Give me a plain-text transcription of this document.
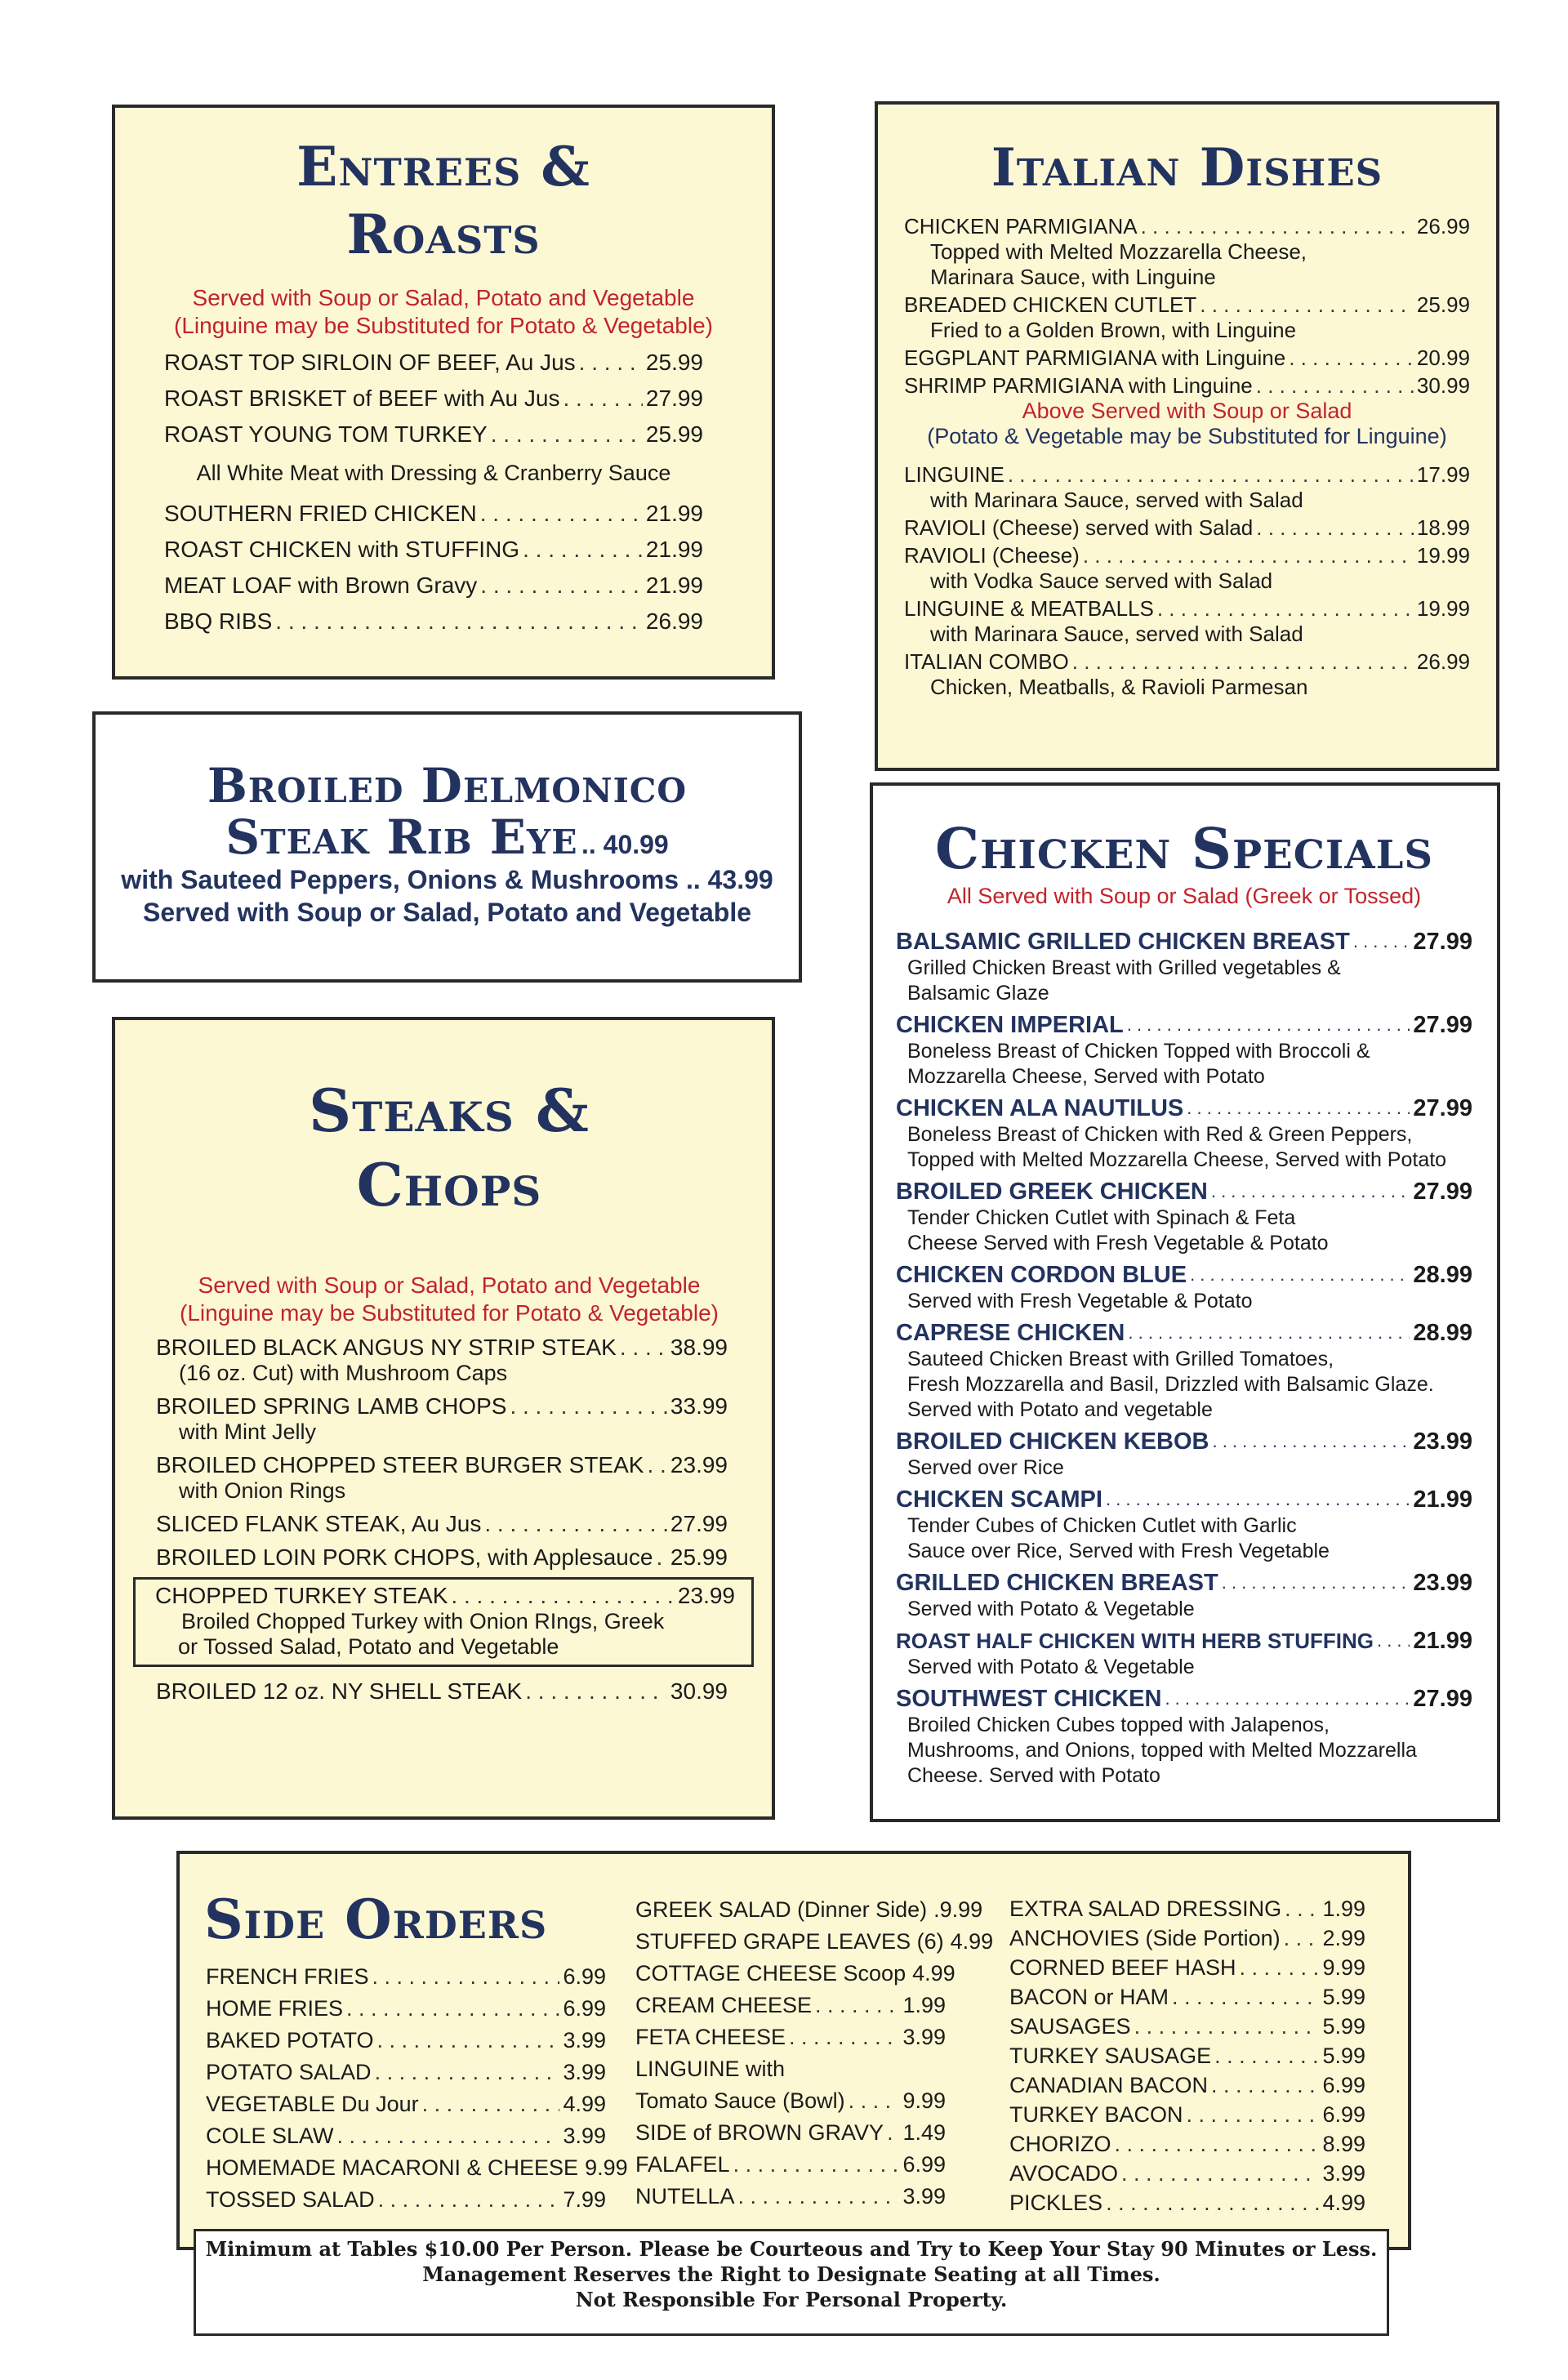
Entrees &
Roasts
Served with Soup or Salad, Potato and Vegetable
(Linguine may be Substituted for Potato & Vegetable)
ROAST TOP SIRLOIN OF BEEF, Au Jus . . .	25.99
ROAST BRISKET of BEEF with Au Jus . . .	27.99
ROAST YOUNG TOM TURKEY . . .	25.99
All White Meat with Dressing & Cranberry Sauce
SOUTHERN FRIED CHICKEN . . .	21.99
ROAST CHICKEN with STUFFING . . .	21.99
MEAT LOAF with Brown Gravy . . .	21.99
BBQ RIBS . . .	26.99
Broiled Delmonico
Steak Rib Eye .. 40.99
with Sauteed Peppers, Onions & Mushrooms .. 43.99
Served with Soup or Salad, Potato and Vegetable
Steaks &
Chops
Served with Soup or Salad, Potato and Vegetable
(Linguine may be Substituted for Potato & Vegetable)
BROILED BLACK ANGUS NY STRIP STEAK . . . 38.99
(16 oz. Cut) with Mushroom Caps
BROILED SPRING LAMB CHOPS . . .	33.99
with Mint Jelly
BROILED CHOPPED STEER BURGER STEAK . . . 23.99
with Onion Rings
SLICED FLANK STEAK, Au Jus . . .	27.99
BROILED LOIN PORK CHOPS, with Applesauce . . . 25.99
CHOPPED TURKEY STEAK . . .	23.99
Broiled Chopped Turkey with Onion RIngs, Greek
or Tossed Salad, Potato and Vegetable
BROILED 12 oz. NY SHELL STEAK . . .	30.99
Italian Dishes
CHICKEN PARMIGIANA . . .	26.99
Topped with Melted Mozzarella Cheese,
Marinara Sauce, with Linguine
BREADED CHICKEN CUTLET . . .	25.99
Fried to a Golden Brown, with Linguine
EGGPLANT PARMIGIANA with Linguine . . .	20.99
SHRIMP PARMIGIANA with Linguine . . .	30.99
Above Served with Soup or Salad
(Potato & Vegetable may be Substituted for Linguine)
LINGUINE . . .	17.99
with Marinara Sauce, served with Salad
RAVIOLI (Cheese) served with Salad . . .	18.99
RAVIOLI (Cheese) . . .	19.99
with Vodka Sauce served with Salad
LINGUINE & MEATBALLS . . .	19.99
with Marinara Sauce, served with Salad
ITALIAN COMBO . . .	26.99
Chicken, Meatballs, & Ravioli Parmesan
Chicken Specials
All Served with Soup or Salad (Greek or Tossed)
BALSAMIC GRILLED CHICKEN BREAST . . .	27.99
Grilled Chicken Breast with Grilled vegetables &
Balsamic Glaze
CHICKEN IMPERIAL . . .	27.99
Boneless Breast of Chicken Topped with Broccoli &
Mozzarella Cheese, Served with Potato
CHICKEN ALA NAUTILUS . . .	27.99
Boneless Breast of Chicken with Red & Green Peppers,
Topped with Melted Mozzarella Cheese, Served with Potato
BROILED GREEK CHICKEN . . .	27.99
Tender Chicken Cutlet with Spinach & Feta
Cheese Served with Fresh Vegetable & Potato
CHICKEN CORDON BLUE . . .	28.99
Served with Fresh Vegetable & Potato
CAPRESE CHICKEN . . .	28.99
Sauteed Chicken Breast with Grilled Tomatoes,
Fresh Mozzarella and Basil, Drizzled with Balsamic Glaze.
Served with Potato and vegetable
BROILED CHICKEN KEBOB . . .	23.99
Served over Rice
CHICKEN SCAMPI . . .	21.99
Tender Cubes of Chicken Cutlet with Garlic
Sauce over Rice, Served with Fresh Vegetable
GRILLED CHICKEN BREAST . . .	23.99
Served with Potato & Vegetable
ROAST HALF CHICKEN WITH HERB STUFFING . . . 21.99
Served with Potato & Vegetable
SOUTHWEST CHICKEN . . .	27.99
Broiled Chicken Cubes topped with Jalapenos,
Mushrooms, and Onions, topped with Melted Mozzarella
Cheese. Served with Potato
Side Orders
FRENCH FRIES . . .	6.99
HOME FRIES . . .	6.99
BAKED POTATO . . .	3.99
POTATO SALAD . . .	3.99
VEGETABLE Du Jour . . .	4.99
COLE SLAW . . .	3.99
HOMEMADE MACARONI & CHEESE 9.99
TOSSED SALAD . . .	7.99
GREEK SALAD (Dinner Side) .9.99
STUFFED GRAPE LEAVES (6) 4.99
COTTAGE CHEESE Scoop 4.99
CREAM CHEESE . . .	1.99
FETA CHEESE . . .	3.99
LINGUINE with
Tomato Sauce (Bowl) . . .	9.99
SIDE of BROWN GRAVY . . . 1.49
FALAFEL . . .	6.99
NUTELLA . . .	3.99
EXTRA SALAD DRESSING . . . 1.99
ANCHOVIES (Side Portion) . . . 2.99
CORNED BEEF HASH . . .	9.99
BACON or HAM . . .	5.99
SAUSAGES . . .	5.99
TURKEY SAUSAGE . . .	5.99
CANADIAN BACON . . .	6.99
TURKEY BACON . . .	6.99
CHORIZO . . .	8.99
AVOCADO . . .	3.99
PICKLES . . .	4.99
Minimum at Tables $10.00 Per Person. Please be Courteous and Try to Keep Your Stay 90 Minutes or Less.
Management Reserves the Right to Designate Seating at all Times.
Not Responsible For Personal Property.
